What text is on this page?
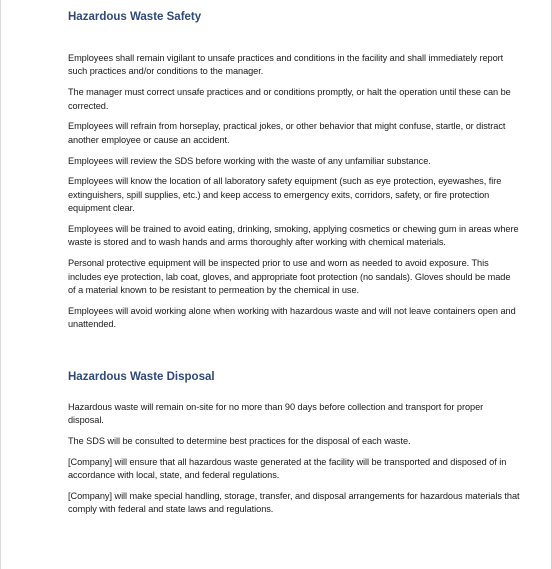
Hazardous Waste Safety

Employees shall remain vigilant to unsafe practices and conditions in the facility and shall immediately report such practices and/or conditions to the manager.

The manager must correct unsafe practices and or conditions promptly, or halt the operation until these can be corrected.

Employees will refrain from horseplay, practical jokes, or other behavior that might confuse, startle, or distract another employee or cause an accident.

Employees will review the SDS before working with the waste of any unfamiliar substance.

Employees will know the location of all laboratory safety equipment (such as eye protection, eyewashes, fire extinguishers, spill supplies, etc.) and keep access to emergency exits, corridors, safety, or fire protection equipment clear.

Employees will be trained to avoid eating, drinking, smoking, applying cosmetics or chewing gum in areas where waste is stored and to wash hands and arms thoroughly after working with chemical materials.

Personal protective equipment will be inspected prior to use and worn as needed to avoid exposure. This includes eye protection, lab coat, gloves, and appropriate foot protection (no sandals). Gloves should be made of a material known to be resistant to permeation by the chemical in use.

Employees will avoid working alone when working with hazardous waste and will not leave containers open and unattended.

Hazardous Waste Disposal

Hazardous waste will remain on-site for no more than 90 days before collection and transport for proper disposal.

The SDS will be consulted to determine best practices for the disposal of each waste.

[Company] will ensure that all hazardous waste generated at the facility will be transported and disposed of in accordance with local, state, and federal regulations.

[Company] will make special handling, storage, transfer, and disposal arrangements for hazardous materials that comply with federal and state laws and regulations.
